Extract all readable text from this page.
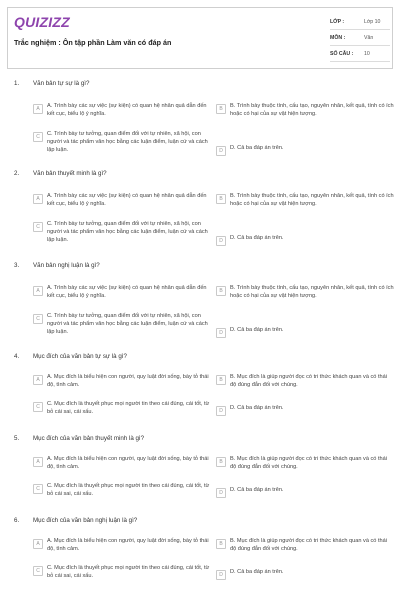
QUIZIZZ
Trắc nghiệm : Ôn tập phần Làm văn có đáp án
LỚP :	Lớp 10
MÔN :	Văn
SỐ CÂU :	10
1. Văn bản tự sự là gì?
A	A. Trình bày các sự việc (sự kiện) có quan hệ nhân quả dẫn đến kết cục, biểu lộ ý nghĩa.
B	B. Trình bày thuộc tính, cấu tạo, nguyên nhân, kết quả, tính có ích hoặc có hại của sự vật hiện tượng.
C	C. Trình bày tư tưởng, quan điểm đối với tự nhiên, xã hội, con người và tác phẩm văn học bằng các luận điểm, luận cứ và cách lập luận.	D	D. Cả ba đáp án trên.
2. Văn bản thuyết minh là gì?
A	A. Trình bày các sự việc (sự kiện) có quan hệ nhân quả dẫn đến kết cục, biểu lộ ý nghĩa.
B	B. Trình bày thuộc tính, cấu tạo, nguyên nhân, kết quả, tính có ích hoặc có hại của sự vật hiện tượng.
C	C. Trình bày tư tưởng, quan điểm đối với tự nhiên, xã hội, con người và tác phẩm văn học bằng các luận điểm, luận cứ và cách lập luận.	D	D. Cả ba đáp án trên.
3. Văn bản nghị luận là gì?
A	A. Trình bày các sự việc (sự kiện) có quan hệ nhân quả dẫn đến kết cục, biểu lộ ý nghĩa.
B	B. Trình bày thuộc tính, cấu tạo, nguyên nhân, kết quả, tính có ích hoặc có hại của sự vật hiện tượng.
C	C. Trình bày tư tưởng, quan điểm đối với tự nhiên, xã hội, con người và tác phẩm văn học bằng các luận điểm, luận cứ và cách lập luận.	D	D. Cả ba đáp án trên.
4. Mục đích của văn bản tự sự là gì?
A	A. Mục đích là biểu hiện con người, quy luật đời sống, bày tỏ thái độ, tình cảm.
B	B. Mục đích là giúp người đọc có tri thức khách quan và có thái độ đúng đắn đối với chúng.
C	C. Mục đích là thuyết phục mọi người tin theo cái đúng, cái tốt, từ bỏ cái sai, cái xấu.	D	D. Cả ba đáp án trên.
5. Mục đích của văn bản thuyết minh là gì?
A	A. Mục đích là biểu hiện con người, quy luật đời sống, bày tỏ thái độ, tình cảm.
B	B. Mục đích là giúp người đọc có tri thức khách quan và có thái độ đúng đắn đối với chúng.
C	C. Mục đích là thuyết phục mọi người tin theo cái đúng, cái tốt, từ bỏ cái sai, cái xấu.	D	D. Cả ba đáp án trên.
6. Mục đích của văn bản nghị luận là gì?
A	A. Mục đích là biểu hiện con người, quy luật đời sống, bày tỏ thái độ, tình cảm.
B	B. Mục đích là giúp người đọc có tri thức khách quan và có thái độ đúng đắn đối với chúng.
C	C. Mục đích là thuyết phục mọi người tin theo cái đúng, cái tốt, từ bỏ cái sai, cái xấu.	D	D. Cả ba đáp án trên.
